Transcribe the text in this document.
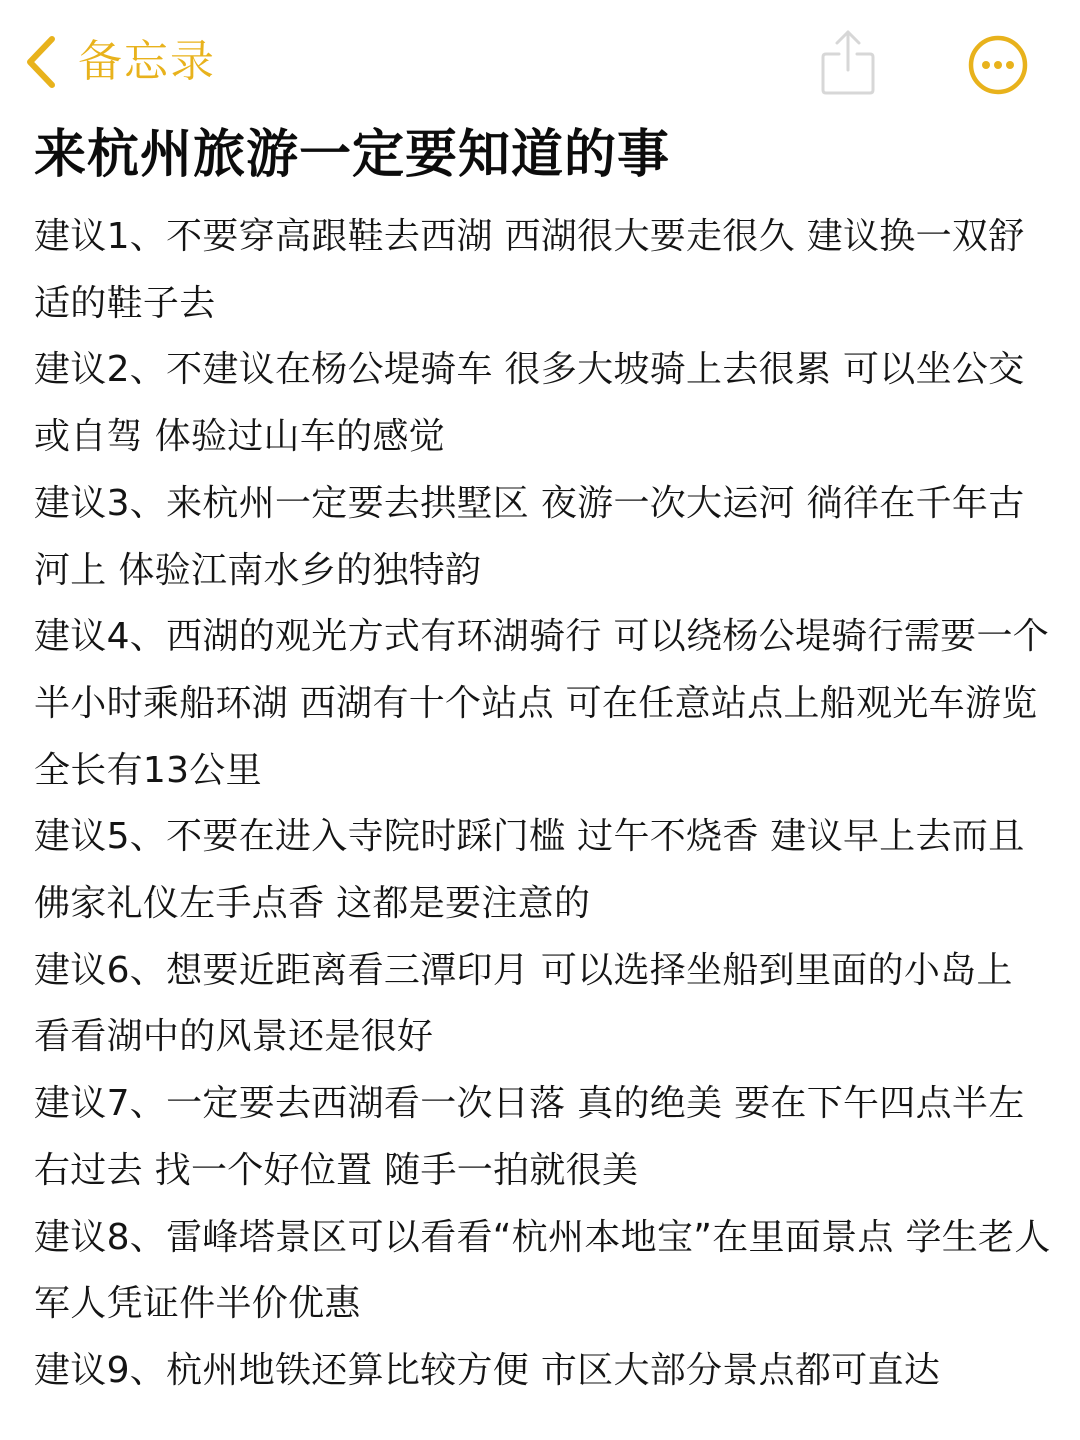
备忘录
来杭州旅游一定要知道的事

建议1、不要穿高跟鞋去西湖 西湖很大要走很久 建议换一双舒适的鞋子去

建议2、不建议在杨公堤骑车 很多大坡骑上去很累 可以坐公交或自驾 体验过山车的感觉

建议3、来杭州一定要去拱墅区 夜游一次大运河 徜徉在千年古河上 体验江南水乡的独特韵

建议4、西湖的观光方式有环湖骑行 可以绕杨公堤骑行需要一个半小时乘船环湖 西湖有十个站点 可在任意站点上船观光车游览全长有13公里

建议5、不要在进入寺院时踩门槛 过午不烧香 建议早上去而且佛家礼仪左手点香 这都是要注意的

建议6、想要近距离看三潭印月 可以选择坐船到里面的小岛上 看看湖中的风景还是很好

建议7、一定要去西湖看一次日落 真的绝美 要在下午四点半左右过去 找一个好位置 随手一拍就很美

建议8、雷峰塔景区可以看看“杭州本地宝”在里面景点 学生老人军人凭证件半价优惠

建议9、杭州地铁还算比较方便 市区大部分景点都可直达
